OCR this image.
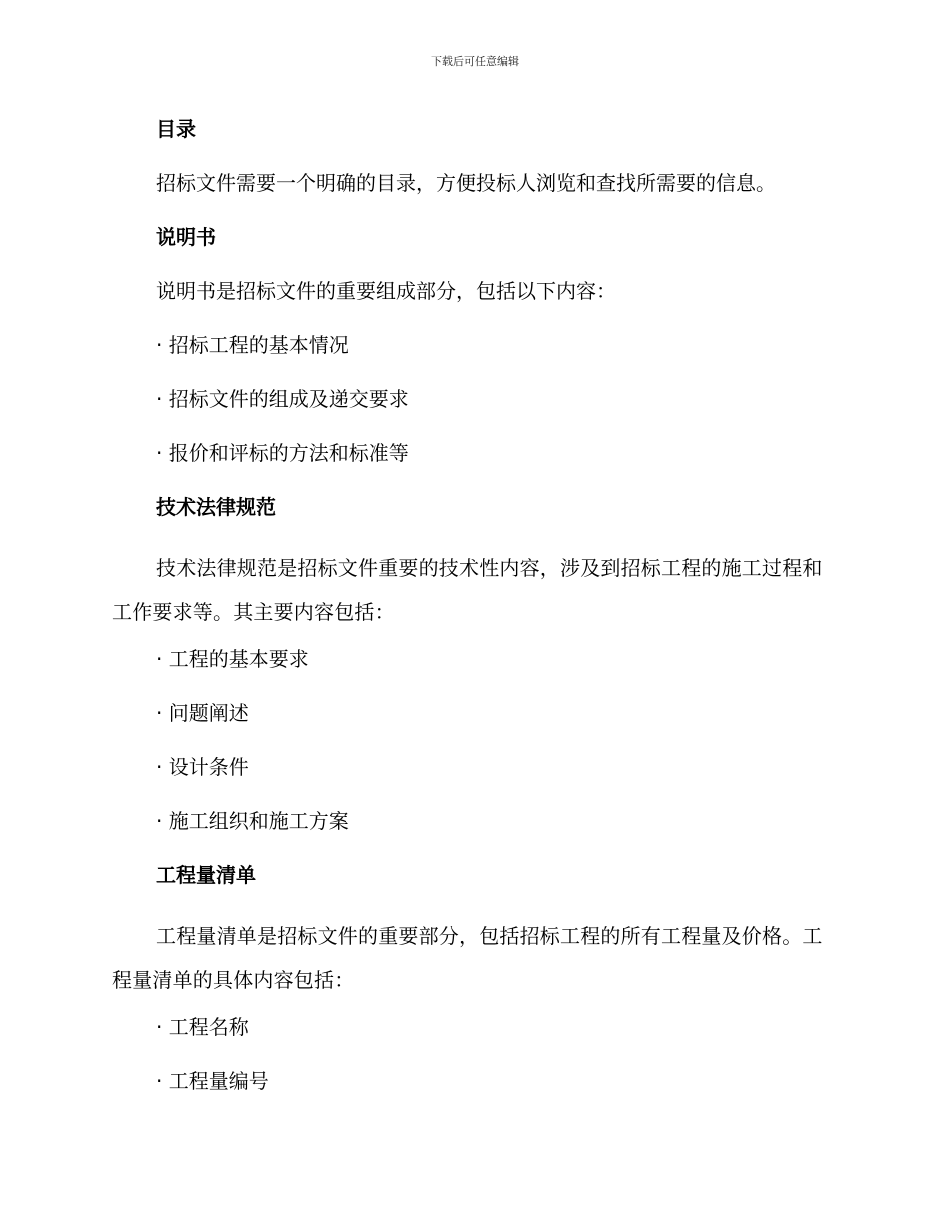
下载后可任意编辑
目录
招标文件需要一个明确的目录，方便投标人浏览和查找所需要的信息。
说明书
说明书是招标文件的重要组成部分，包括以下内容：
· 招标工程的基本情况
· 招标文件的组成及递交要求
· 报价和评标的方法和标准等
技术法律规范
技术法律规范是招标文件重要的技术性内容，涉及到招标工程的施工过程和工作要求等。其主要内容包括：
· 工程的基本要求
· 问题阐述
· 设计条件
· 施工组织和施工方案
工程量清单
工程量清单是招标文件的重要部分，包括招标工程的所有工程量及价格。工程量清单的具体内容包括：
· 工程名称
· 工程量编号
